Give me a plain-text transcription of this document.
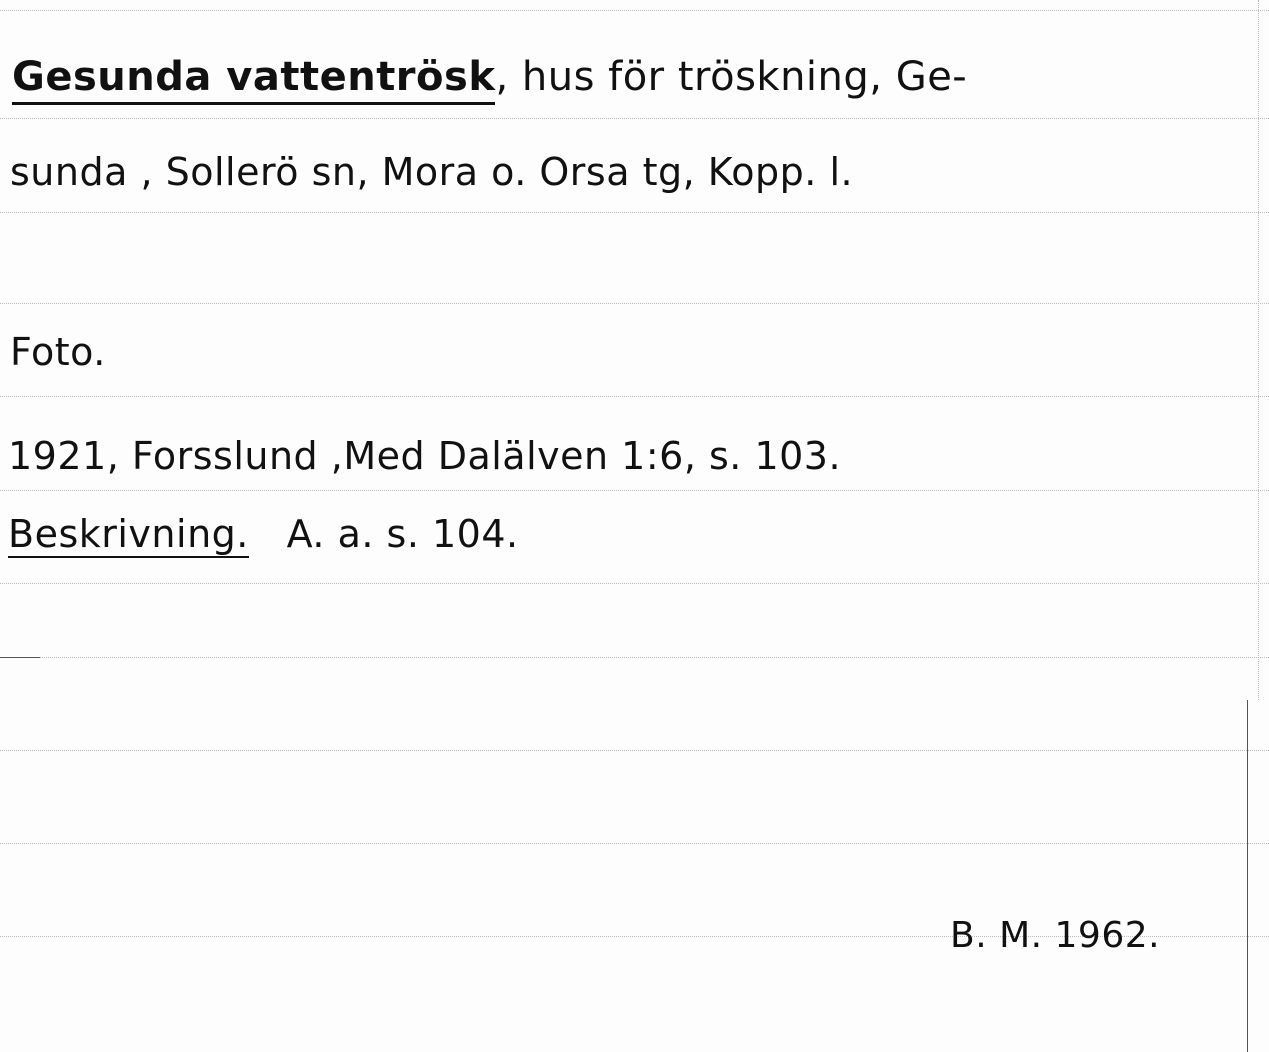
Gesunda vattentrösk, hus för tröskning, Ge-
sunda , Sollerö sn, Mora o. Orsa tg, Kopp. l.
Foto.
1921, Forsslund ,Med Dalälven 1:6, s. 103.
Beskrivning. A. a. s. 104.
B. M. 1962.
